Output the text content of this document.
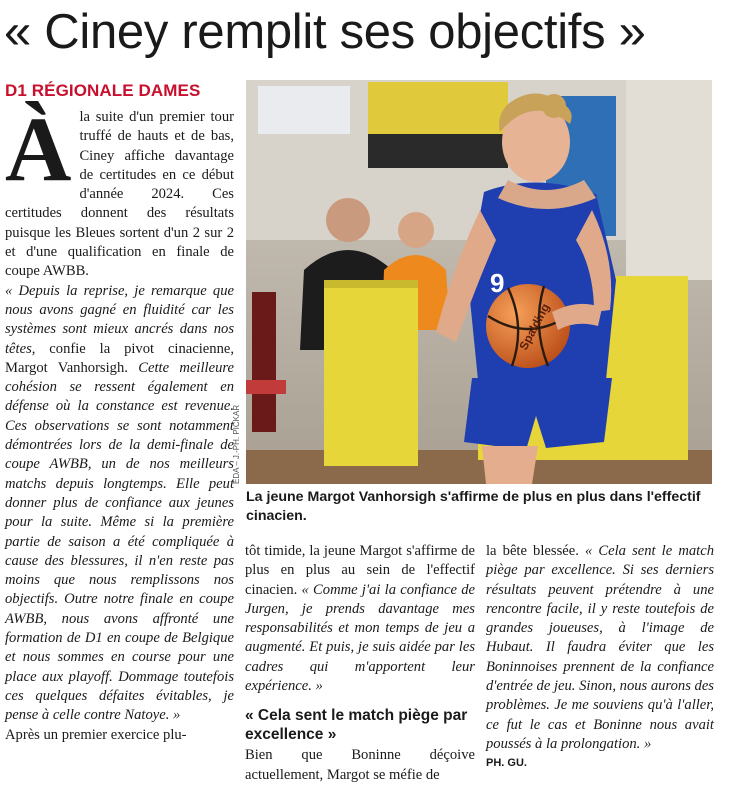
« Ciney remplit ses objectifs »
D1 RÉGIONALE DAMES

Àla suite d'un premier tour truffé de hauts et de bas, Ciney affiche davantage de certitudes en ce début d'année 2024. Ces certitudes donnent des résultats puisque les Bleues sortent d'un 2 sur 2 et d'une qualification en finale de coupe AWBB.

« Depuis la reprise, je remarque que nous avons gagné en fluidité car les systèmes sont mieux ancrés dans nos têtes, confie la pivot cinacienne, Margot Vanhorsigh. Cette meilleure cohésion se ressent également en défense où la constance est revenue. Ces observations se sont notamment démontrées lors de la demi-finale de coupe AWBB, un de nos meilleurs matchs depuis longtemps. Elle peut donner plus de confiance aux jeunes pour la suite. Même si la première partie de saison a été compliquée à cause des blessures, il n'en reste pas moins que nous remplissons nos objectifs. Outre notre finale en coupe AWBB, nous avons affronté une formation de D1 en coupe de Belgique et nous sommes en course pour une place aux playoff. Dommage toutefois ces quelques défaites évitables, je pense à celle contre Natoye. »

Après un premier exercice plu-

Spalding
9
EDA – J.-PH. PICKAR

La jeune Margot Vanhorsigh s'affirme de plus en plus dans l'effectif cinacien.

tôt timide, la jeune Margot s'affirme de plus en plus au sein de l'effectif cinacien. « Comme j'ai la confiance de Jurgen, je prends davantage mes responsabilités et mon temps de jeu a augmenté. Et puis, je suis aidée par les cadres qui m'apportent leur expérience. »

« Cela sent le match piège par excellence »

Bien que Boninne déçoive actuellement, Margot se méfie de

la bête blessée. « Cela sent le match piège par excellence. Si ses derniers résultats peuvent prétendre à une rencontre facile, il y reste toutefois de grandes joueuses, à l'image de Hubaut. Il faudra éviter que les Boninnoises prennent de la confiance d'entrée de jeu. Sinon, nous aurons des problèmes. Je me souviens qu'à l'aller, ce fut le cas et Boninne nous avait poussés à la prolongation. »

PH. GU.
